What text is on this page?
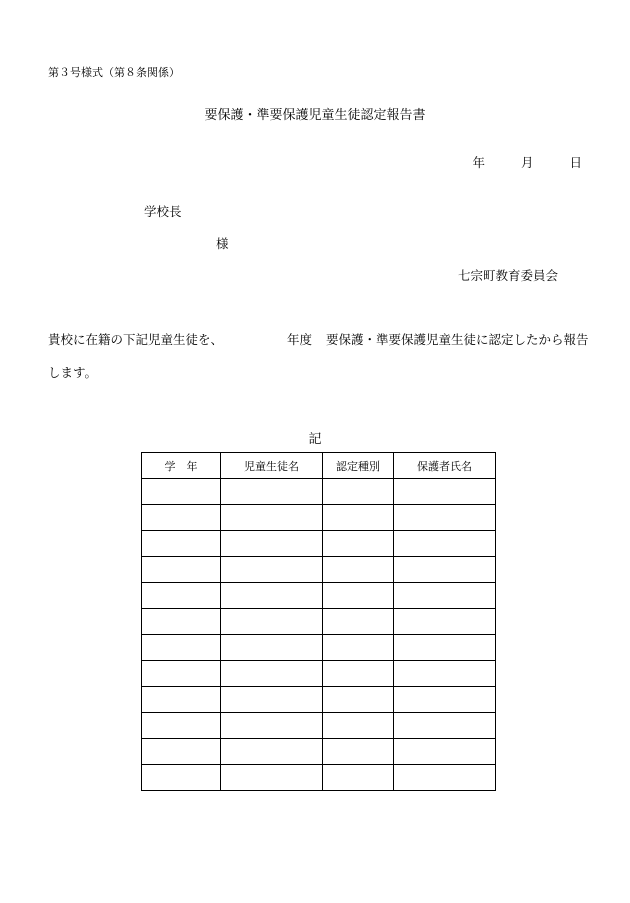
第３号様式（第８条関係）
要保護・準要保護児童生徒認定報告書
年	月	日
学校長
様
七宗町教育委員会
貴校に在籍の下記児童生徒を、	年度 要保護・準要保護児童生徒に認定したから報告
します。
記
学　年	児童生徒名	認定種別	保護者氏名
